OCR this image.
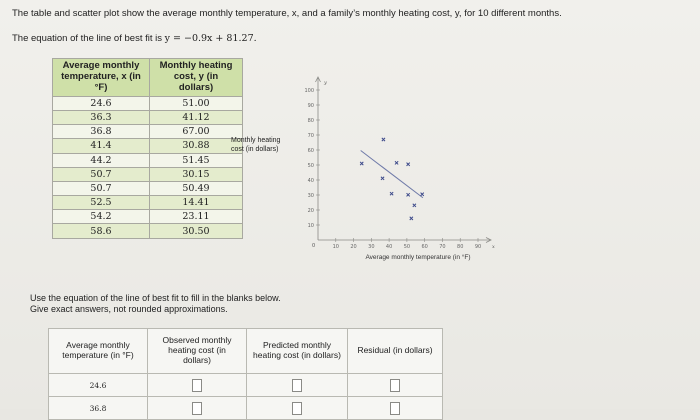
The table and scatter plot show the average monthly temperature, x, and a family’s monthly heating cost, y, for 10 different months.
The equation of the line of best fit is y = −0.9x + 81.27.
Average monthly temperature, x (in °F)	Monthly heating cost, y (in dollars)
24.6	51.00
36.3	41.12
36.8	67.00
41.4	30.88
44.2	51.45
50.7	30.15
50.7	50.49
52.5	14.41
54.2	23.11
58.6	30.50
Monthly heating cost (in dollars)
y
x
0
10
20
30
40
50
60
70
80
90
100
10 20 30 40 50 60 70 80 90
Average monthly temperature (in °F)
Use the equation of the line of best fit to fill in the blanks below.
Give exact answers, not rounded approximations.
Average monthly temperature (in °F)	Observed monthly heating cost (in dollars)	Predicted monthly heating cost (in dollars)	Residual (in dollars)
24.6			
36.8			
